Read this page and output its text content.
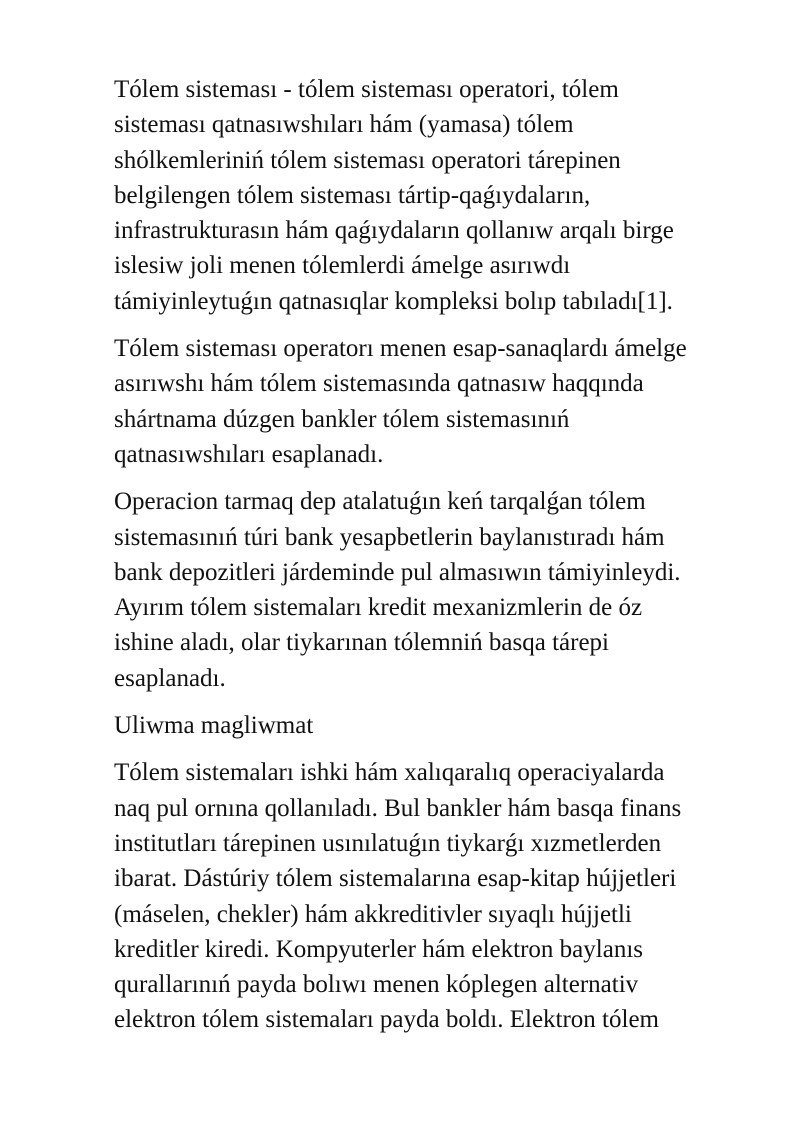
Tólem sisteması - tólem sisteması operatori, tólem
sisteması qatnasıwshıları hám (yamasa) tólem
shólkemleriniń tólem sisteması operatori tárepinen
belgilengen tólem sisteması tártip-qaǵıydaların,
infrastrukturasın hám qaǵıydaların qollanıw arqalı birge
islesiw joli menen tólemlerdi ámelge asırıwdı
támiyinleytuǵın qatnasıqlar kompleksi bolıp tabıladı[1].

Tólem sisteması operatorı menen esap-sanaqlardı ámelge
asırıwshı hám tólem sistemasında qatnasıw haqqında
shártnama dúzgen bankler tólem sistemasınıń
qatnasıwshıları esaplanadı.

Operacion tarmaq dep atalatuǵın keń tarqalǵan tólem
sistemasınıń túri bank yesapbetlerin baylanıstıradı hám
bank depozitleri járdeminde pul almasıwın támiyinleydi.
Ayırım tólem sistemaları kredit mexanizmlerin de óz
ishine aladı, olar tiykarınan tólemniń basqa tárepi
esaplanadı.

Uliwma magliwmat

Tólem sistemaları ishki hám xalıqaralıq operaciyalarda
naq pul ornına qollanıladı. Bul bankler hám basqa finans
institutları tárepinen usınılatuǵın tiykarǵı xızmetlerden
ibarat. Dástúriy tólem sistemalarına esap-kitap hújjetleri
(máselen, chekler) hám akkreditivler sıyaqlı hújjetli
kreditler kiredi. Kompyuterler hám elektron baylanıs
qurallarınıń payda bolıwı menen kóplegen alternativ
elektron tólem sistemaları payda boldı. Elektron tólem
